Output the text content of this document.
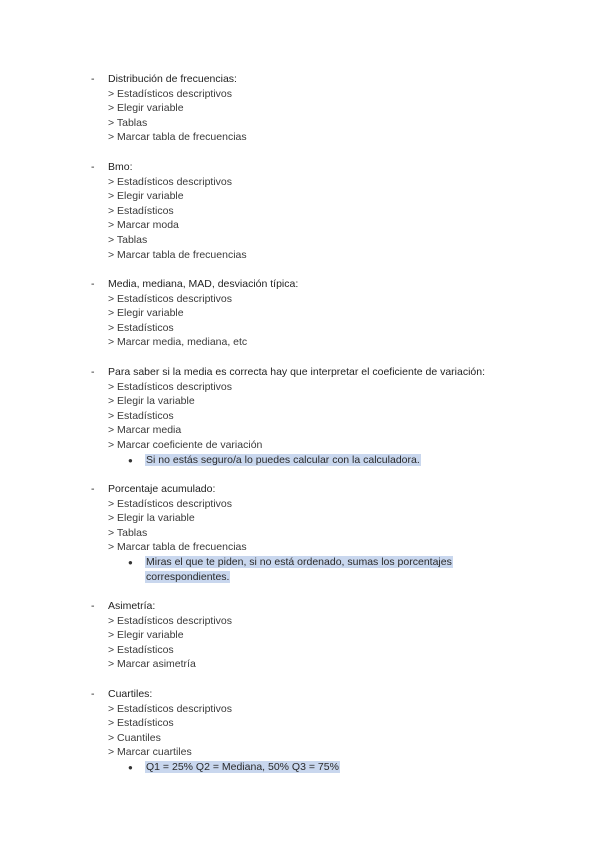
- Distribución de frecuencias:
> Estadísticos descriptivos
> Elegir variable
> Tablas
> Marcar tabla de frecuencias
- Bmo:
> Estadísticos descriptivos
> Elegir variable
> Estadísticos
> Marcar moda
> Tablas
> Marcar tabla de frecuencias
- Media, mediana, MAD, desviación típica:
> Estadísticos descriptivos
> Elegir variable
> Estadísticos
> Marcar media, mediana, etc
- Para saber si la media es correcta hay que interpretar el coeficiente de variación:
> Estadísticos descriptivos
> Elegir la variable
> Estadísticos
> Marcar media
> Marcar coeficiente de variación
● Si no estás seguro/a lo puedes calcular con la calculadora.
- Porcentaje acumulado:
> Estadísticos descriptivos
> Elegir la variable
> Tablas
> Marcar tabla de frecuencias
● Miras el que te piden, si no está ordenado, sumas los porcentajes
correspondientes.
- Asimetría:
> Estadísticos descriptivos
> Elegir variable
> Estadísticos
> Marcar asimetría
- Cuartiles:
> Estadísticos descriptivos
> Estadísticos
> Cuantiles
> Marcar cuartiles
● Q1 = 25% Q2 = Mediana, 50% Q3 = 75%
